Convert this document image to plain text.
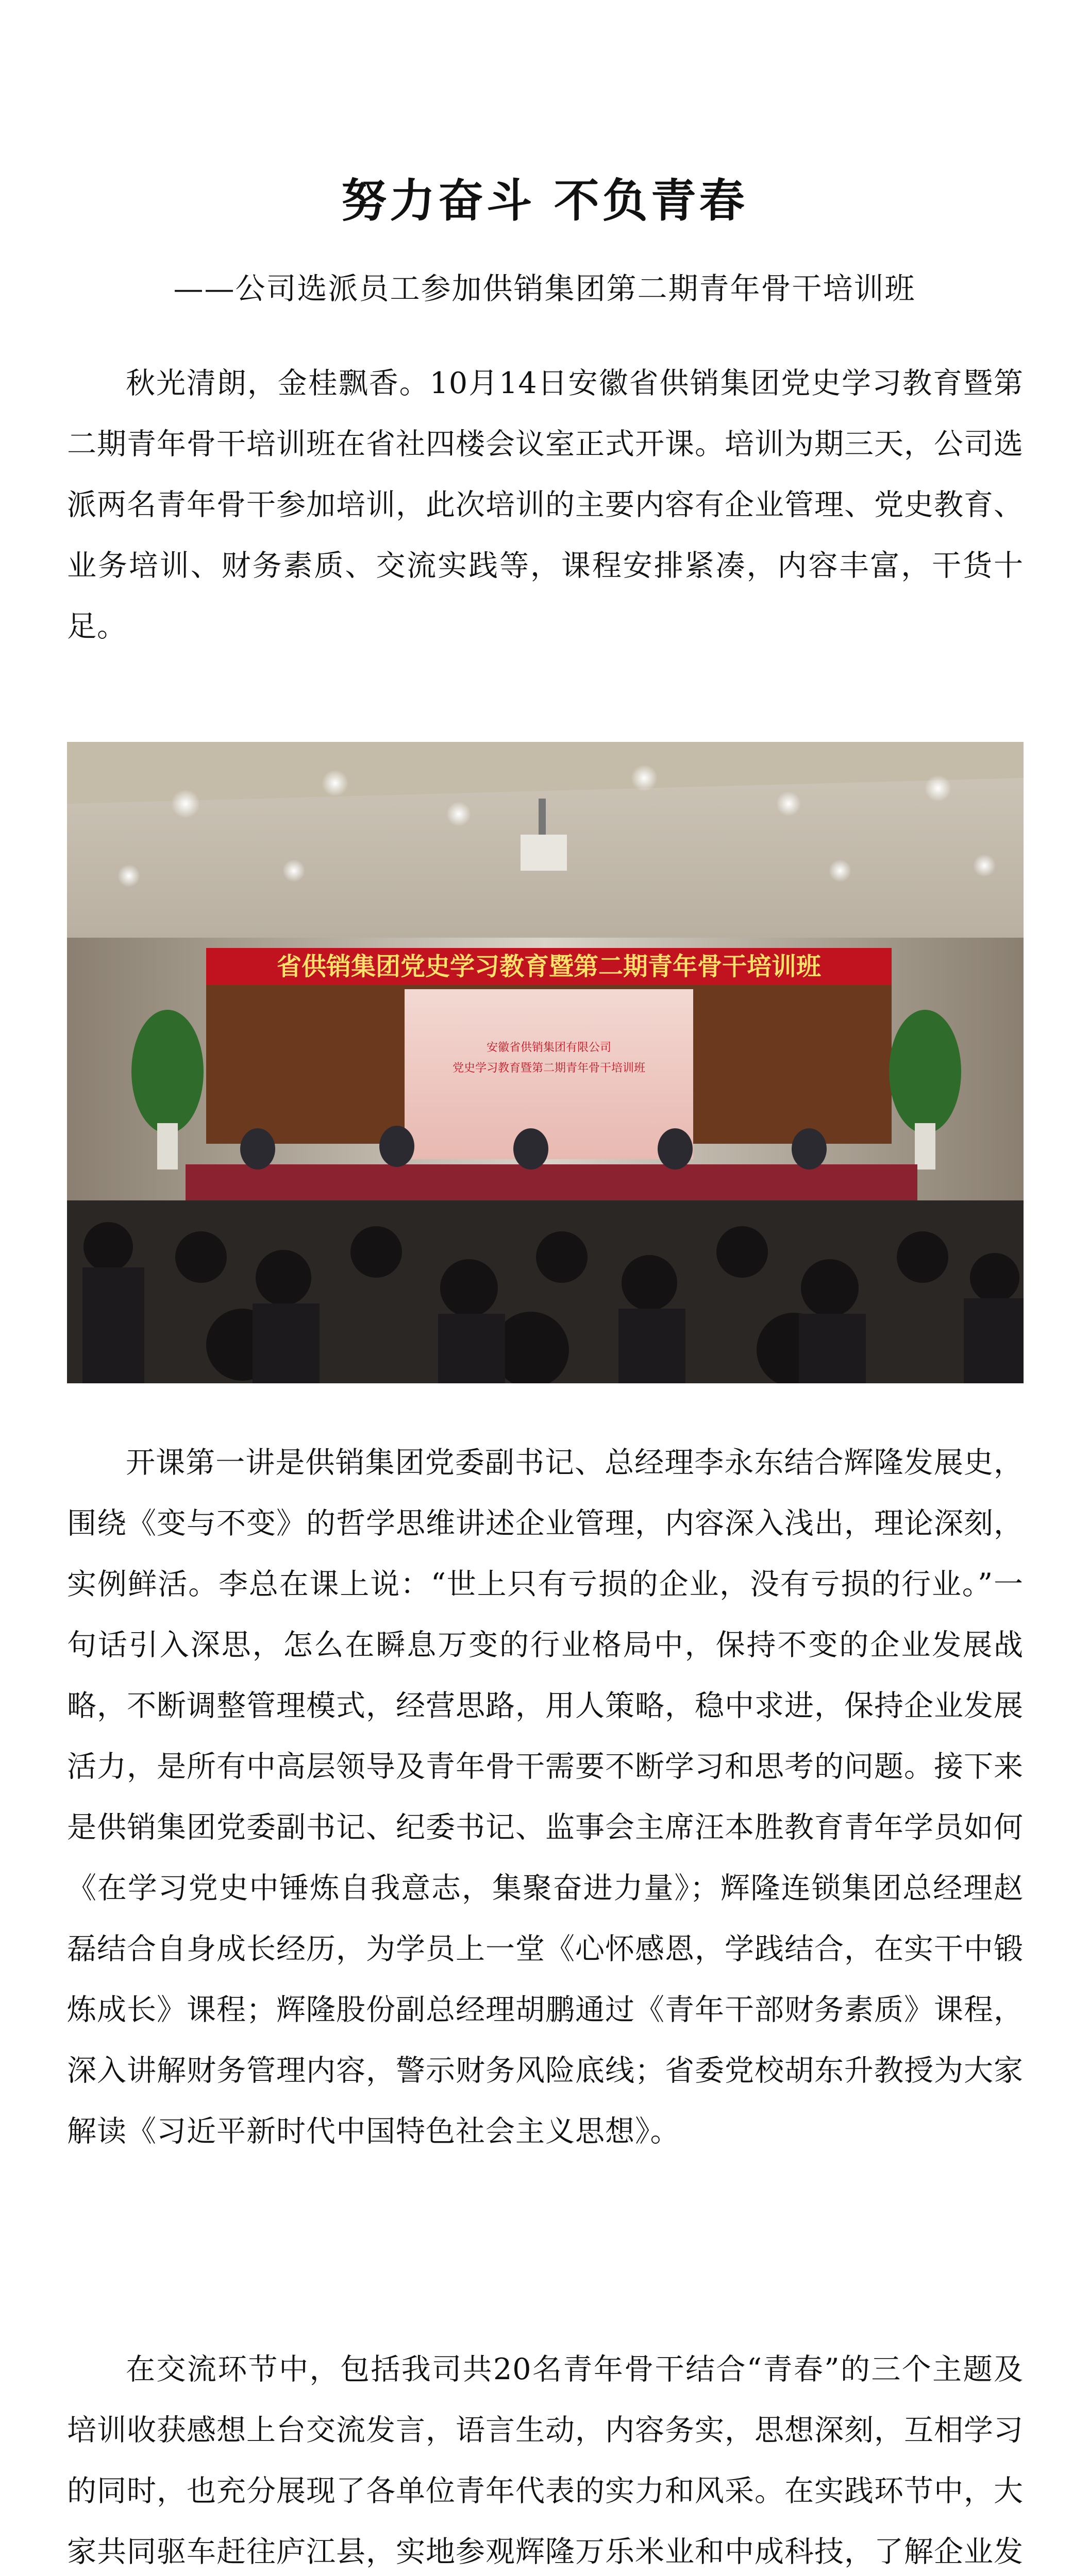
努力奋斗 不负青春
——公司选派员工参加供销集团第二期青年骨干培训班

秋光清朗，金桂飘香。10月14日安徽省供销集团党史学习教育暨第二期青年骨干培训班在省社四楼会议室正式开课。培训为期三天，公司选派两名青年骨干参加培训，此次培训的主要内容有企业管理、党史教育、业务培训、财务素质、交流实践等，课程安排紧凑，内容丰富，干货十足。

省供销集团党史学习教育暨第二期青年骨干培训班
安徽省供销集团有限公司
党史学习教育暨第二期青年骨干培训班

开课第一讲是供销集团党委副书记、总经理李永东结合辉隆发展史，围绕《变与不变》的哲学思维讲述企业管理，内容深入浅出，理论深刻，实例鲜活。李总在课上说：“世上只有亏损的企业，没有亏损的行业。”一句话引入深思，怎么在瞬息万变的行业格局中，保持不变的企业发展战略，不断调整管理模式，经营思路，用人策略，稳中求进，保持企业发展活力，是所有中高层领导及青年骨干需要不断学习和思考的问题。接下来是供销集团党委副书记、纪委书记、监事会主席汪本胜教育青年学员如何《在学习党史中锤炼自我意志，集聚奋进力量》；辉隆连锁集团总经理赵磊结合自身成长经历，为学员上一堂《心怀感恩，学践结合，在实干中锻炼成长》课程；辉隆股份副总经理胡鹏通过《青年干部财务素质》课程，深入讲解财务管理内容，警示财务风险底线；省委党校胡东升教授为大家解读《习近平新时代中国特色社会主义思想》。

在交流环节中，包括我司共20名青年骨干结合“青春”的三个主题及培训收获感想上台交流发言，语言生动，内容务实，思想深刻，互相学习的同时，也充分展现了各单位青年代表的实力和风采。在实践环节中，大家共同驱车赶往庐江县，实地参观辉隆万乐米业和中成科技，了解企业发
